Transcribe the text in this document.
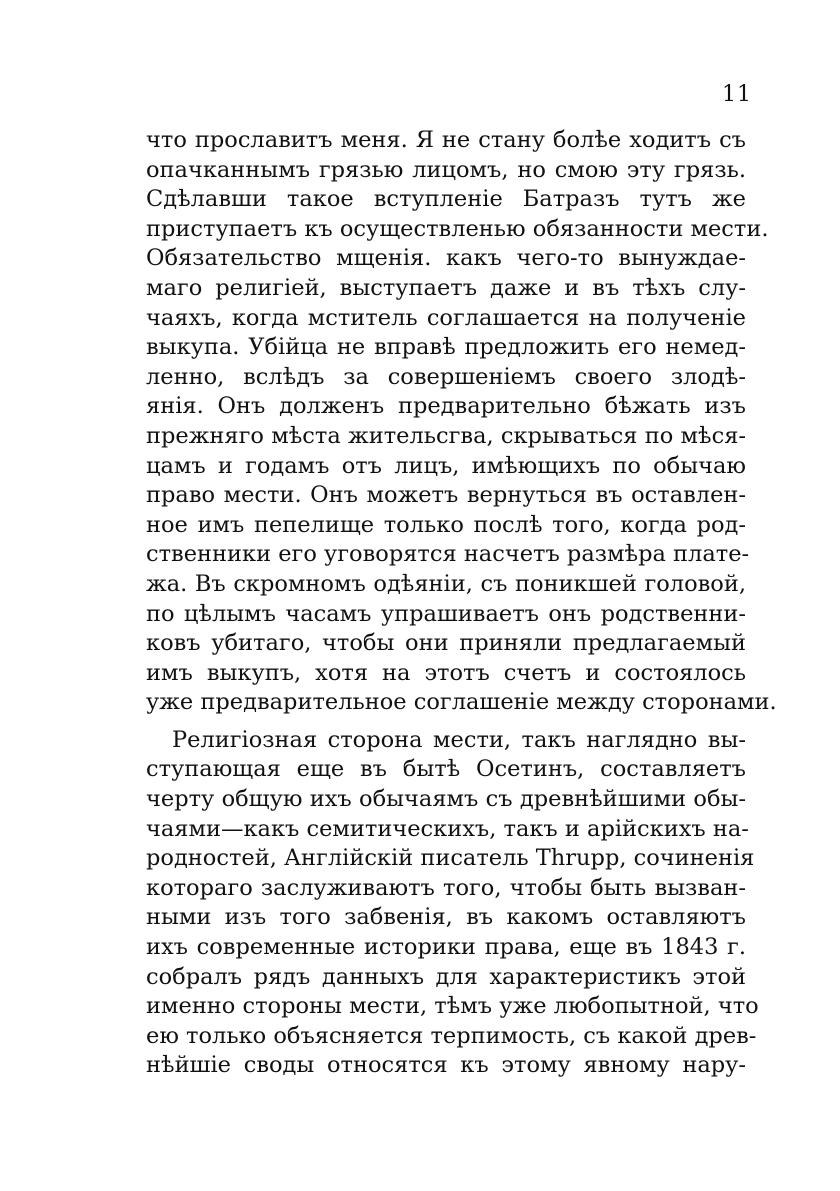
11
что прославитъ меня. Я не стану болѣе ходитъ съ
опачканнымъ грязью лицомъ, но смою эту грязь.
Сдѣлавши такое вступленіе Батразъ тутъ же
приступаетъ къ осуществленью обязанности мести.
Обязательство мщенія. какъ чего-то вынуждае-
маго религіей, выступаетъ даже и въ тѣхъ слу-
чаяхъ, когда мститель соглашается на полученіе
выкупа. Убійца не вправѣ предложить его немед-
ленно, вслѣдъ за совершеніемъ своего злодѣ-
янія. Онъ долженъ предварительно бѣжать изъ
прежняго мѣста жительсгва, скрываться по мѣся-
цамъ и годамъ отъ лицъ, имѣющихъ по обычаю
право мести. Онъ можетъ вернуться въ оставлен-
ное имъ пепелище только послѣ того, когда род-
ственники его уговорятся насчетъ размѣра плате-
жа. Въ скромномъ одѣяніи, съ поникшей головой,
по цѣлымъ часамъ упрашиваетъ онъ родственни-
ковъ убитаго, чтобы они приняли предлагаемый
имъ выкупъ, хотя на этотъ счетъ и состоялось
уже предварительное соглашеніе между сторонами.
Религіозная сторона мести, такъ наглядно вы-
ступающая еще въ бытѣ Осетинъ, составляетъ
черту общую ихъ обычаямъ съ древнѣйшими обы-
чаями—какъ семитическихъ, такъ и арійскихъ на-
родностей, Англійскій писатель Thrupp, сочиненія
котораго заслуживаютъ того, чтобы быть вызван-
ными изъ того забвенія, въ какомъ оставляютъ
ихъ современные историки права, еще въ 1843 г.
собралъ рядъ данныхъ для характеристикъ этой
именно стороны мести, тѣмъ уже любопытной, что
ею только объясняется терпимость, съ какой древ-
нѣйшіе своды относятся къ этому явному нару-
